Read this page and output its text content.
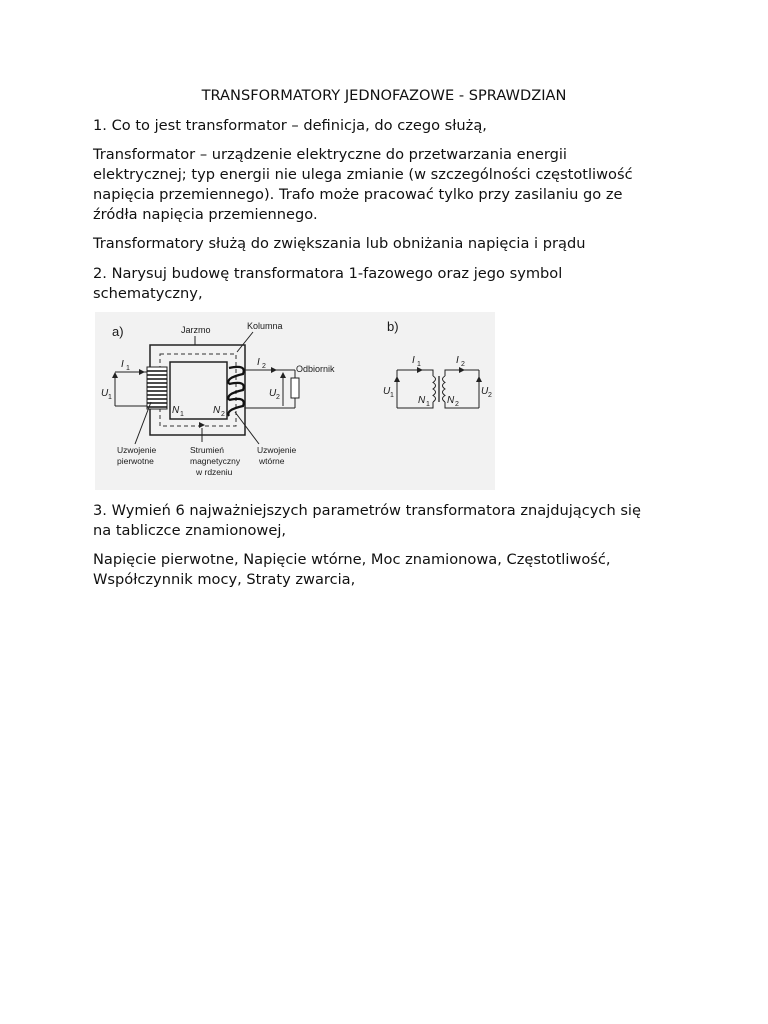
TRANSFORMATORY JEDNOFAZOWE - SPRAWDZIAN
1. Co to jest transformator – definicja, do czego służą,
Transformator – urządzenie elektryczne do przetwarzania energii
elektrycznej; typ energii nie ulega zmianie (w szczególności częstotliwość
napięcia przemiennego). Trafo może pracować tylko przy zasilaniu go ze
źródła napięcia przemiennego.
Transformatory służą do zwiększania lub obniżania napięcia i prądu
2. Narysuj budowę transformatora 1-fazowego oraz jego symbol
schematyczny,
a)
I 1
U 1
I 2
U 2
Odbiornik
N 1	N 2
Jarzmo	Kolumna
Uzwojenie
pierwotne
Strumień
magnetyczny
w rdzeniu
Uzwojenie
wtórne
b)
I 1	I 2
U 1	U 2
N 1 N 2
3. Wymień 6 najważniejszych parametrów transformatora znajdujących się
na tabliczce znamionowej,
Napięcie pierwotne, Napięcie wtórne, Moc znamionowa, Częstotliwość,
Współczynnik mocy, Straty zwarcia,
